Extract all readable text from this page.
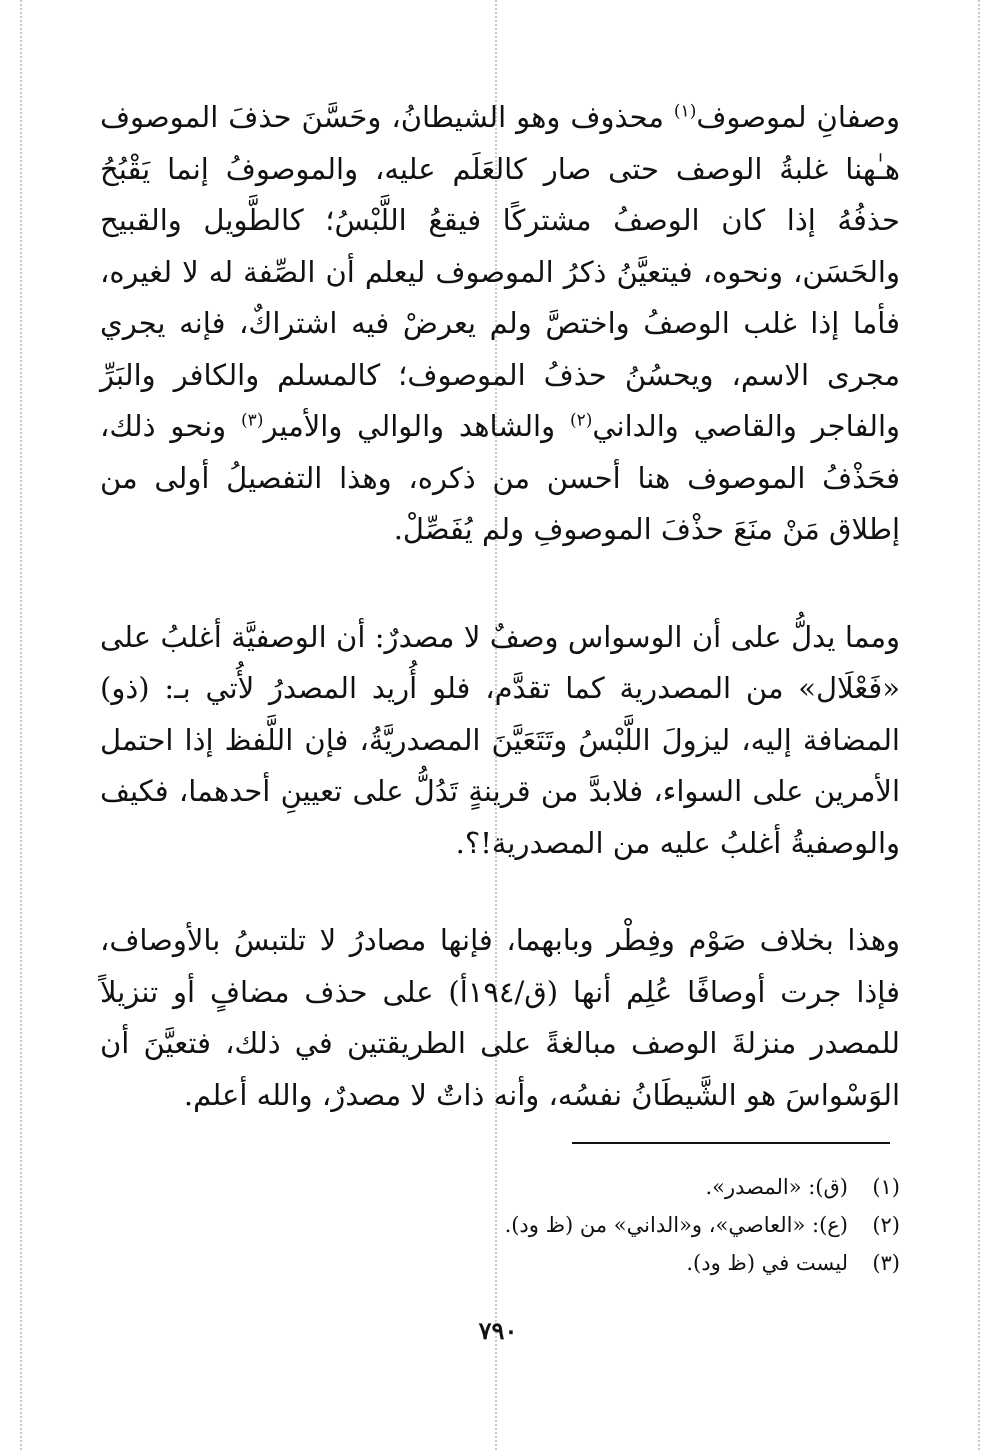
وصفانِ لموصوف$^{(١)}$ محذوف وهو الشيطانُ، وحَسَّنَ حذفَ الموصوف هـٰهنا غلبةُ الوصف حتى صار كالعَلَم عليه، والموصوفُ إنما يَقْبُحُ حذفُهُ إذا كان الوصفُ مشتركًا فيقعُ اللَّبْسُ؛ كالطَّويل والقبيح والحَسَن، ونحوه، فيتعيَّنُ ذكرُ الموصوف ليعلم أن الصِّفة له لا لغيره، فأما إذا غلب الوصفُ واختصَّ ولم يعرضْ فيه اشتراكٌ، فإنه يجري مجرى الاسم، ويحسُنُ حذفُ الموصوف؛ كالمسلم والكافر والبَرِّ والفاجر والقاصي والداني$^{(٢)}$ والشاهد والوالي والأمير$^{(٣)}$ ونحو ذلك، فحَذْفُ الموصوف هنا أحسن من ذكره، وهذا التفصيلُ أولى من إطلاق مَنْ منَعَ حذْفَ الموصوفِ ولم يُفَصِّلْ.

ومما يدلُّ على أن الوسواس وصفٌ لا مصدرٌ: أن الوصفيَّة أغلبُ على «فَعْلَال» من المصدرية كما تقدَّم، فلو أُريد المصدرُ لأُتي بـ: (ذو) المضافة إليه، ليزولَ اللَّبْسُ وتَتَعَيَّنَ المصدريَّةُ، فإن اللَّفظ إذا احتمل الأمرين على السواء، فلابدَّ من قرينةٍ تَدُلُّ على تعيينِ أحدهما، فكيف والوصفيةُ أغلبُ عليه من المصدرية!؟.

وهذا بخلاف صَوْم وفِطْر وبابهما، فإنها مصادرُ لا تلتبسُ بالأوصاف، فإذا جرت أوصافًا عُلِم أنها (ق/١٩٤أ) على حذف مضافٍ أو تنزيلاً للمصدر منزلةَ الوصف مبالغةً على الطريقتين في ذلك، فتعيَّنَ أن الوَسْواسَ هو الشَّيطَانُ نفسُه، وأنه ذاتٌ لا مصدرٌ، والله أعلم.

(١)(ق): «المصدر».
(٢)(ع): «العاصي»، و«الداني» من (ظ ود).
(٣)ليست في (ظ ود).
٧٩٠
